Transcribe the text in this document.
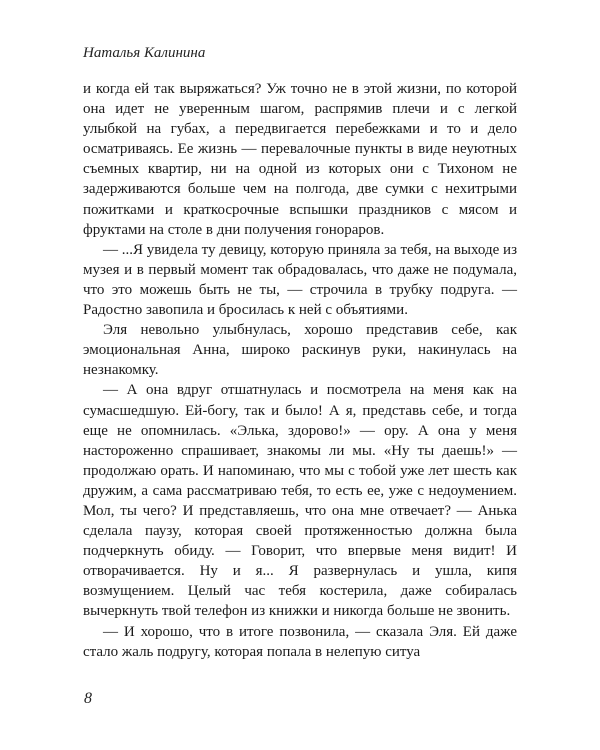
Наталья Калинина

и когда ей так выряжаться? Уж точно не в этой жизни, по которой она идет не уверенным шагом, распрямив плечи и с легкой улыбкой на губах, а передвигается перебежками и то и дело осматриваясь. Ее жизнь — перевалочные пункты в виде неуютных съемных квартир, ни на одной из которых они с Тихоном не задерживаются больше чем на полгода, две сумки с нехитрыми пожитками и краткосрочные вспышки праздников с мясом и фруктами на столе в дни получения гонораров.

— ...Я увидела ту девицу, которую приняла за тебя, на выходе из музея и в первый момент так обрадовалась, что даже не подумала, что это можешь быть не ты, — строчила в трубку подруга. — Радостно завопила и бросилась к ней с объятиями.

Эля невольно улыбнулась, хорошо представив себе, как эмоциональная Анна, широко раскинув руки, накинулась на незнакомку.

— А она вдруг отшатнулась и посмотрела на меня как на сумасшедшую. Ей-богу, так и было! А я, представь себе, и тогда еще не опомнилась. «Элька, здорово!» — ору. А она у меня настороженно спрашивает, знакомы ли мы. «Ну ты даешь!» — продолжаю орать. И напоминаю, что мы с тобой уже лет шесть как дружим, а сама рассматриваю тебя, то есть ее, уже с недоумением. Мол, ты чего? И представляешь, что она мне отвечает? — Анька сделала паузу, которая своей протяженностью должна была подчеркнуть обиду. — Говорит, что впервые меня видит! И отворачивается. Ну и я... Я развернулась и ушла, кипя возмущением. Целый час тебя костерила, даже собиралась вычеркнуть твой телефон из книжки и никогда больше не звонить.

— И хорошо, что в итоге позвонила, — сказала Эля. Ей даже стало жаль подругу, которая попала в нелепую ситуа

8
